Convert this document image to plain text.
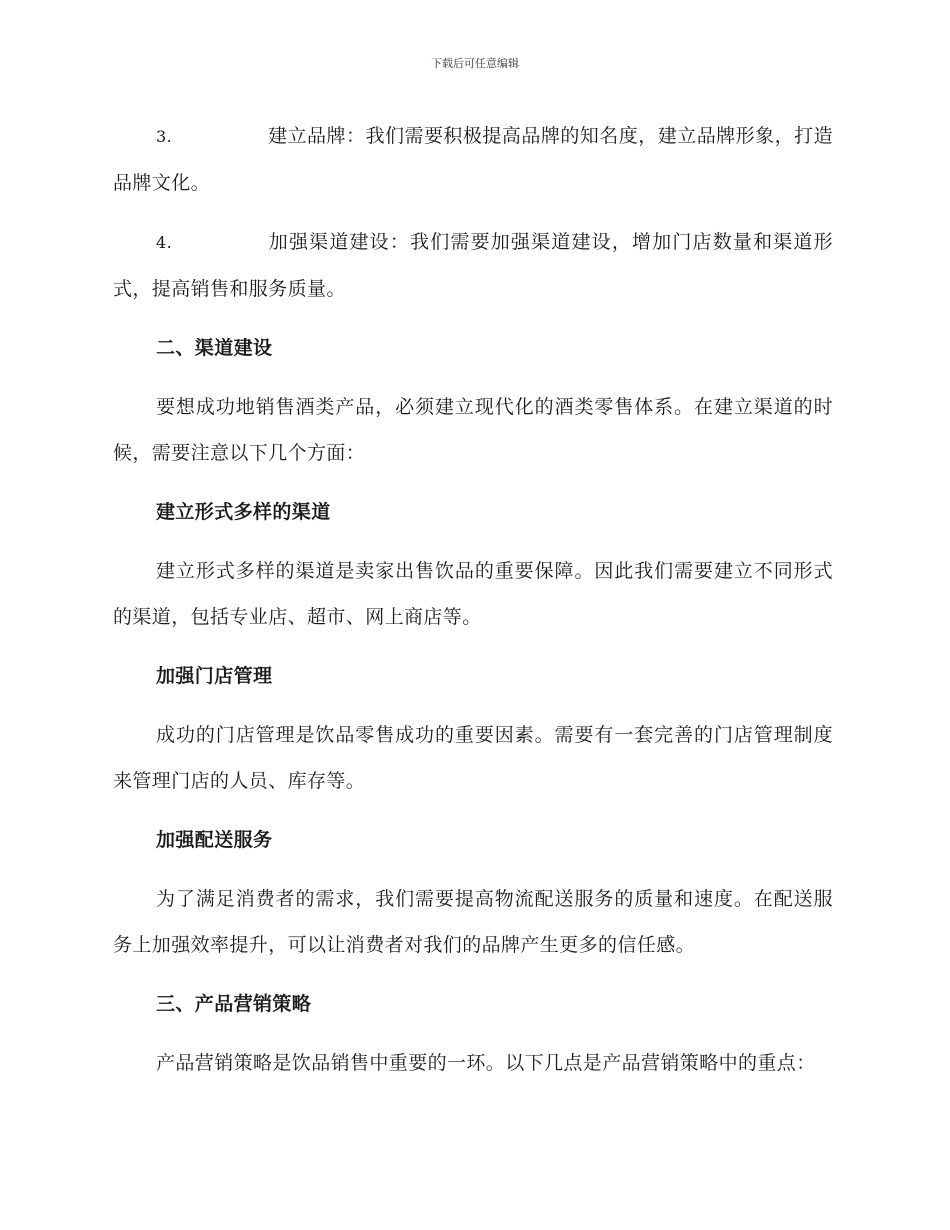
下载后可任意编辑

3.	建立品牌：我们需要积极提高品牌的知名度，建立品牌形象，打造品牌文化。

4.	加强渠道建设：我们需要加强渠道建设，增加门店数量和渠道形式，提高销售和服务质量。

二、渠道建设

要想成功地销售酒类产品，必须建立现代化的酒类零售体系。在建立渠道的时候，需要注意以下几个方面：

建立形式多样的渠道

建立形式多样的渠道是卖家出售饮品的重要保障。因此我们需要建立不同形式的渠道，包括专业店、超市、网上商店等。

加强门店管理

成功的门店管理是饮品零售成功的重要因素。需要有一套完善的门店管理制度来管理门店的人员、库存等。

加强配送服务

为了满足消费者的需求，我们需要提高物流配送服务的质量和速度。在配送服务上加强效率提升，可以让消费者对我们的品牌产生更多的信任感。

三、产品营销策略

产品营销策略是饮品销售中重要的一环。以下几点是产品营销策略中的重点：
